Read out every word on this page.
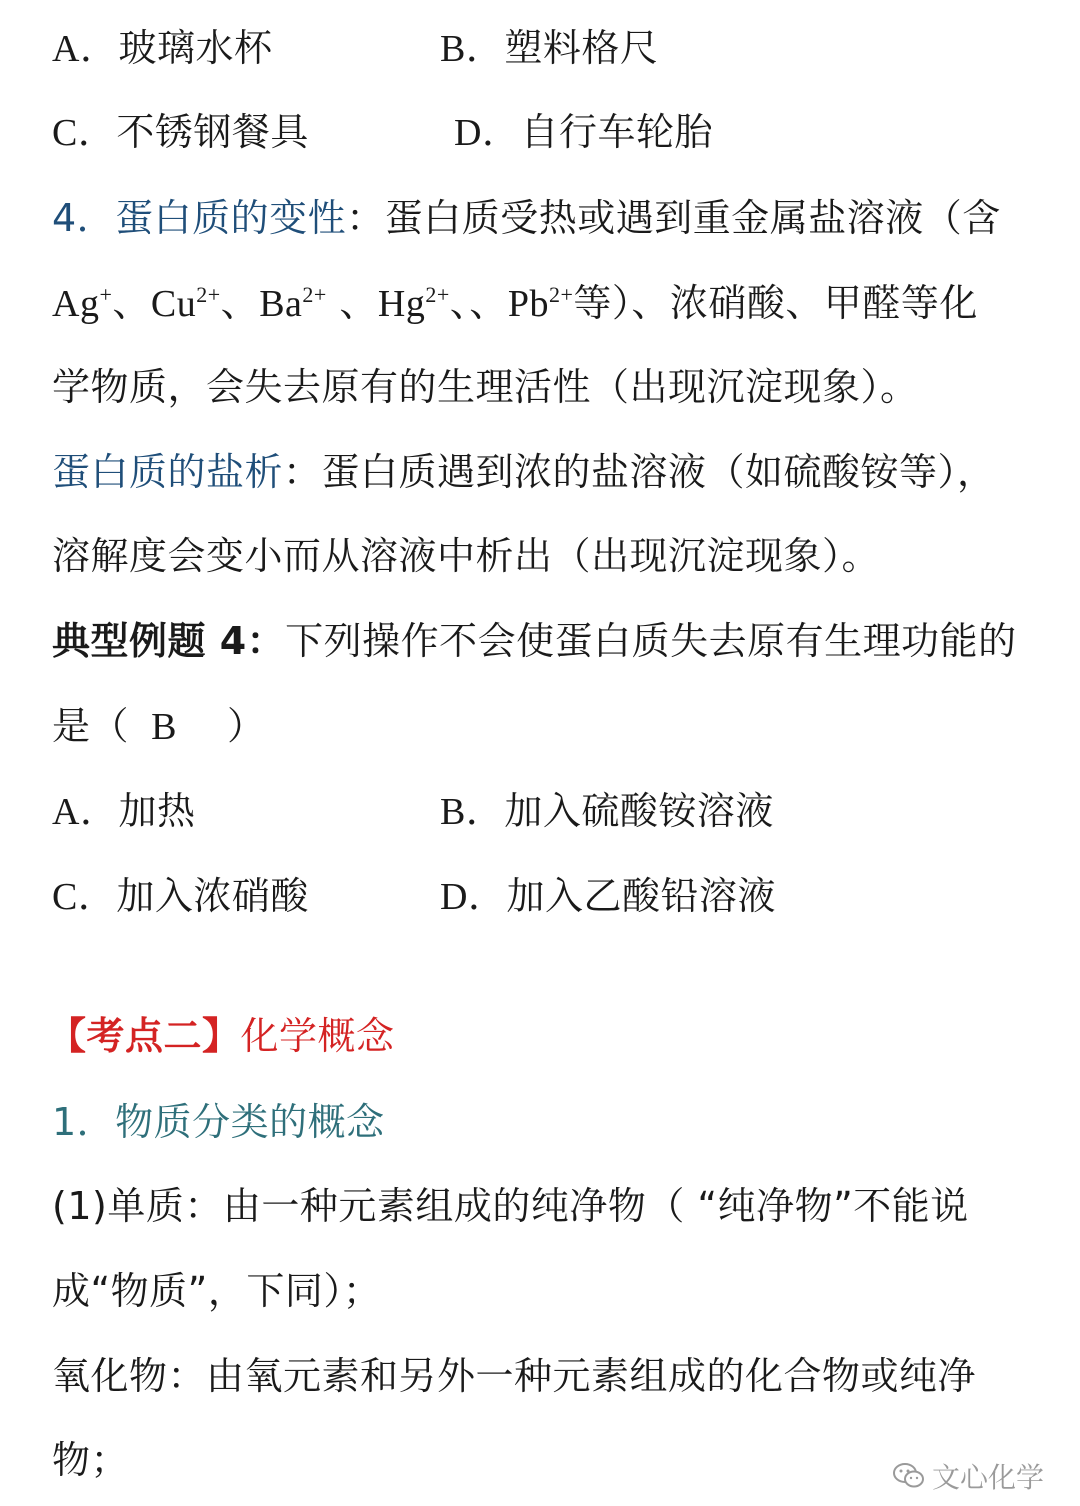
A．玻璃水杯	B．塑料格尺
C．不锈钢餐具	D．自行车轮胎
4．蛋白质的变性：蛋白质受热或遇到重金属盐溶液（含
Ag+、$Cu^{2+}$、$Ba^{2+}$ 、$Hg^{2+}$、、$Pb^{2+}$等）、浓硝酸、甲醛等化
学物质，会失去原有的生理活性（出现沉淀现象）。
蛋白质的盐析：蛋白质遇到浓的盐溶液（如硫酸铵等），
溶解度会变小而从溶液中析出（出现沉淀现象）。
典型例题 4：下列操作不会使蛋白质失去原有生理功能的
是（ B ）
A．加热	B．加入硫酸铵溶液
C．加入浓硝酸	D．加入乙酸铅溶液
【考点二】化学概念
1．物质分类的概念
(1)单质：由一种元素组成的纯净物（ “纯净物”不能说
成“物质”，下同）；
氧化物：由氧元素和另外一种元素组成的化合物或纯净
物；	文心化学
